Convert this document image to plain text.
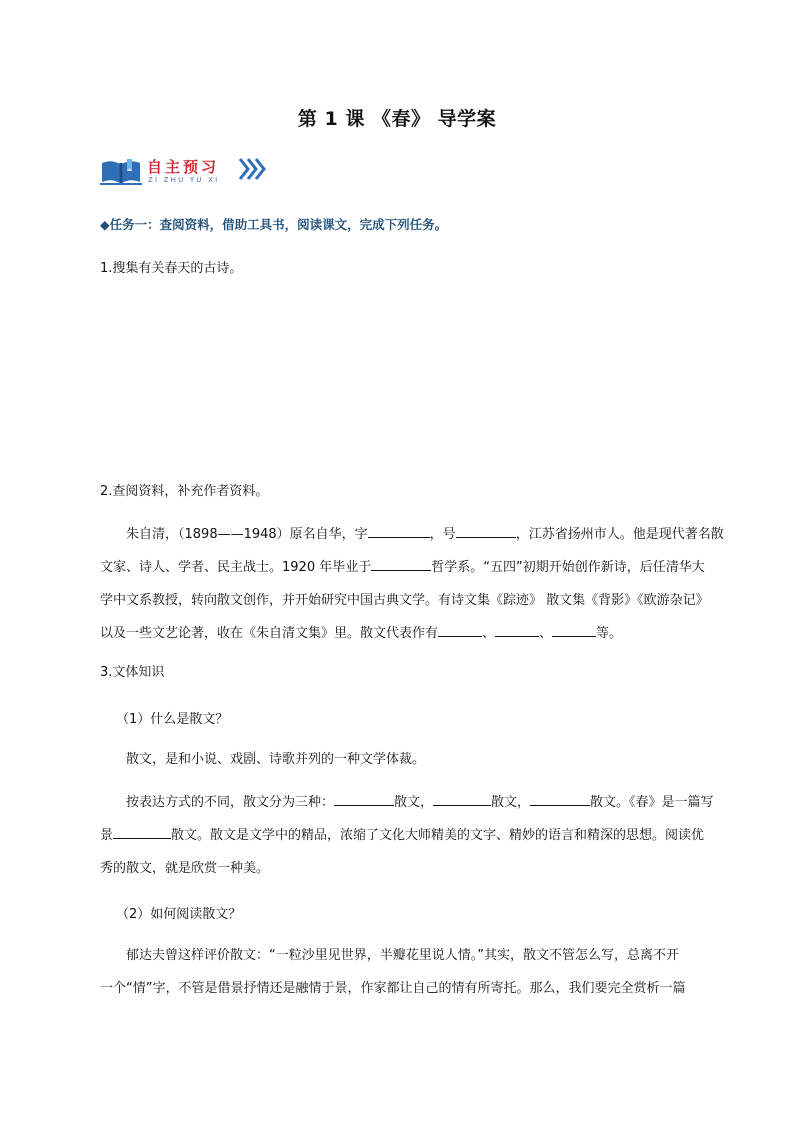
第 1 课 《春》 导学案
自主预习
ZI ZHU YU XI
◆任务一：查阅资料，借助工具书，阅读课文，完成下列任务。
1.搜集有关春天的古诗。
2.查阅资料，补充作者资料。
朱自清，（1898——1948）原名自华，字	，号	，江苏省扬州市人。他是现代著名散
文家、诗人、学者、民主战士。1920 年毕业于	哲学系。“五四”初期开始创作新诗，后任清华大
学中文系教授，转向散文创作，并开始研究中国古典文学。有诗文集《踪迹》 散文集《背影》《欧游杂记》
以及一些文艺论著，收在《朱自清文集》里。散文代表作有	、	、	等。
3.文体知识
（1）什么是散文？
散文，是和小说、戏剧、诗歌并列的一种文学体裁。
按表达方式的不同，散文分为三种：	散文，	散文，	散文。《春》是一篇写
景	散文。散文是文学中的精品，浓缩了文化大师精美的文字、精妙的语言和精深的思想。阅读优
秀的散文，就是欣赏一种美。
（2）如何阅读散文？
郁达夫曾这样评价散文：“一粒沙里见世界，半瓣花里说人情。”其实，散文不管怎么写，总离不开
一个“情”字，不管是借景抒情还是融情于景，作家都让自己的情有所寄托。那么，我们要完全赏析一篇
